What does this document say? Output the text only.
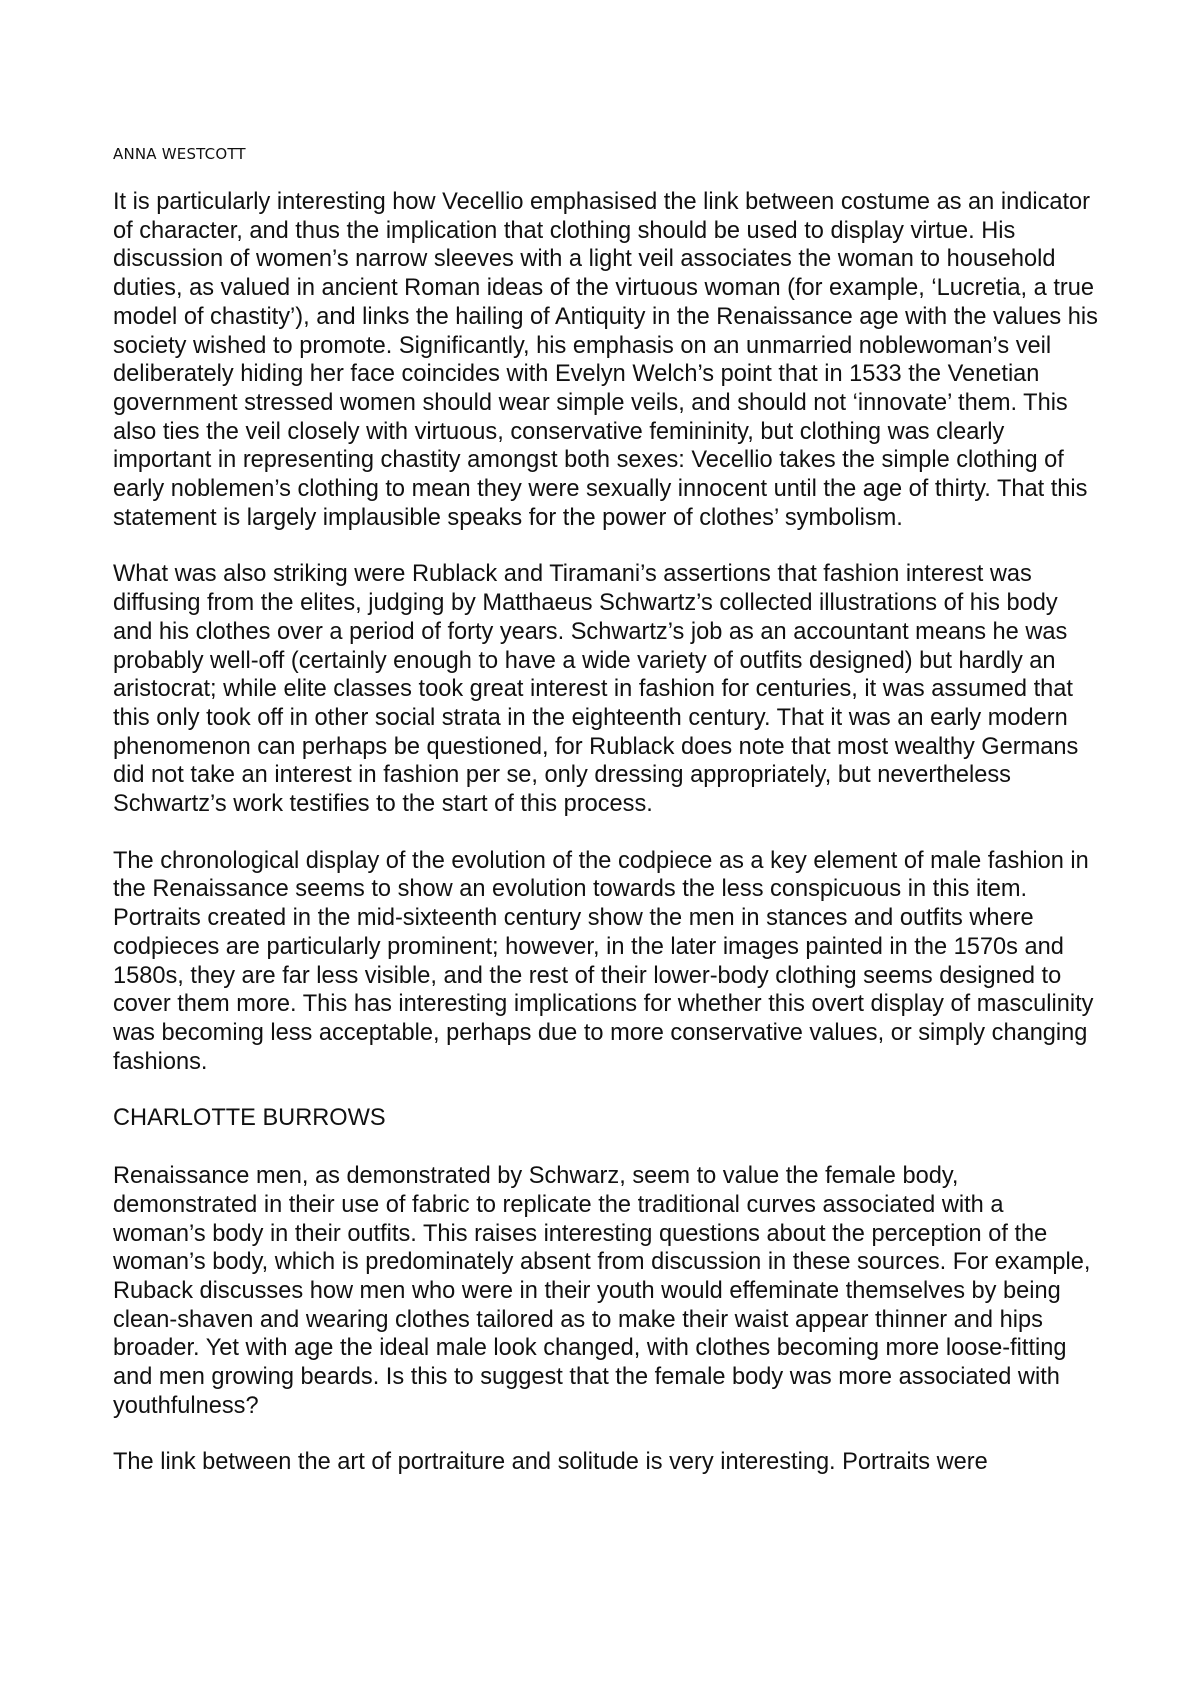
ANNA WESTCOTT

It is particularly interesting how Vecellio emphasised the link between costume as an indicator of character, and thus the implication that clothing should be used to display virtue. His discussion of women’s narrow sleeves with a light veil associates the woman to household duties, as valued in ancient Roman ideas of the virtuous woman (for example, ‘Lucretia, a true model of chastity’), and links the hailing of Antiquity in the Renaissance age with the values his society wished to promote. Significantly, his emphasis on an unmarried noblewoman’s veil deliberately hiding her face coincides with Evelyn Welch’s point that in 1533 the Venetian government stressed women should wear simple veils, and should not ‘innovate’ them. This also ties the veil closely with virtuous, conservative femininity, but clothing was clearly important in representing chastity amongst both sexes: Vecellio takes the simple clothing of early noblemen’s clothing to mean they were sexually innocent until the age of thirty. That this statement is largely implausible speaks for the power of clothes’ symbolism.

What was also striking were Rublack and Tiramani’s assertions that fashion interest was diffusing from the elites, judging by Matthaeus Schwartz’s collected illustrations of his body and his clothes over a period of forty years. Schwartz’s job as an accountant means he was probably well-off (certainly enough to have a wide variety of outfits designed) but hardly an aristocrat; while elite classes took great interest in fashion for centuries, it was assumed that this only took off in other social strata in the eighteenth century. That it was an early modern phenomenon can perhaps be questioned, for Rublack does note that most wealthy Germans did not take an interest in fashion per se, only dressing appropriately, but nevertheless Schwartz’s work testifies to the start of this process.

The chronological display of the evolution of the codpiece as a key element of male fashion in the Renaissance seems to show an evolution towards the less conspicuous in this item. Portraits created in the mid-sixteenth century show the men in stances and outfits where codpieces are particularly prominent; however, in the later images painted in the 1570s and 1580s, they are far less visible, and the rest of their lower-body clothing seems designed to cover them more. This has interesting implications for whether this overt display of masculinity was becoming less acceptable, perhaps due to more conservative values, or simply changing fashions.

CHARLOTTE BURROWS

Renaissance men, as demonstrated by Schwarz, seem to value the female body, demonstrated in their use of fabric to replicate the traditional curves associated with a woman’s body in their outfits. This raises interesting questions about the perception of the woman’s body, which is predominately absent from discussion in these sources. For example, Ruback discusses how men who were in their youth would effeminate themselves by being clean-shaven and wearing clothes tailored as to make their waist appear thinner and hips broader. Yet with age the ideal male look changed, with clothes becoming more loose-fitting and men growing beards. Is this to suggest that the female body was more associated with youthfulness?

The link between the art of portraiture and solitude is very interesting. Portraits were
